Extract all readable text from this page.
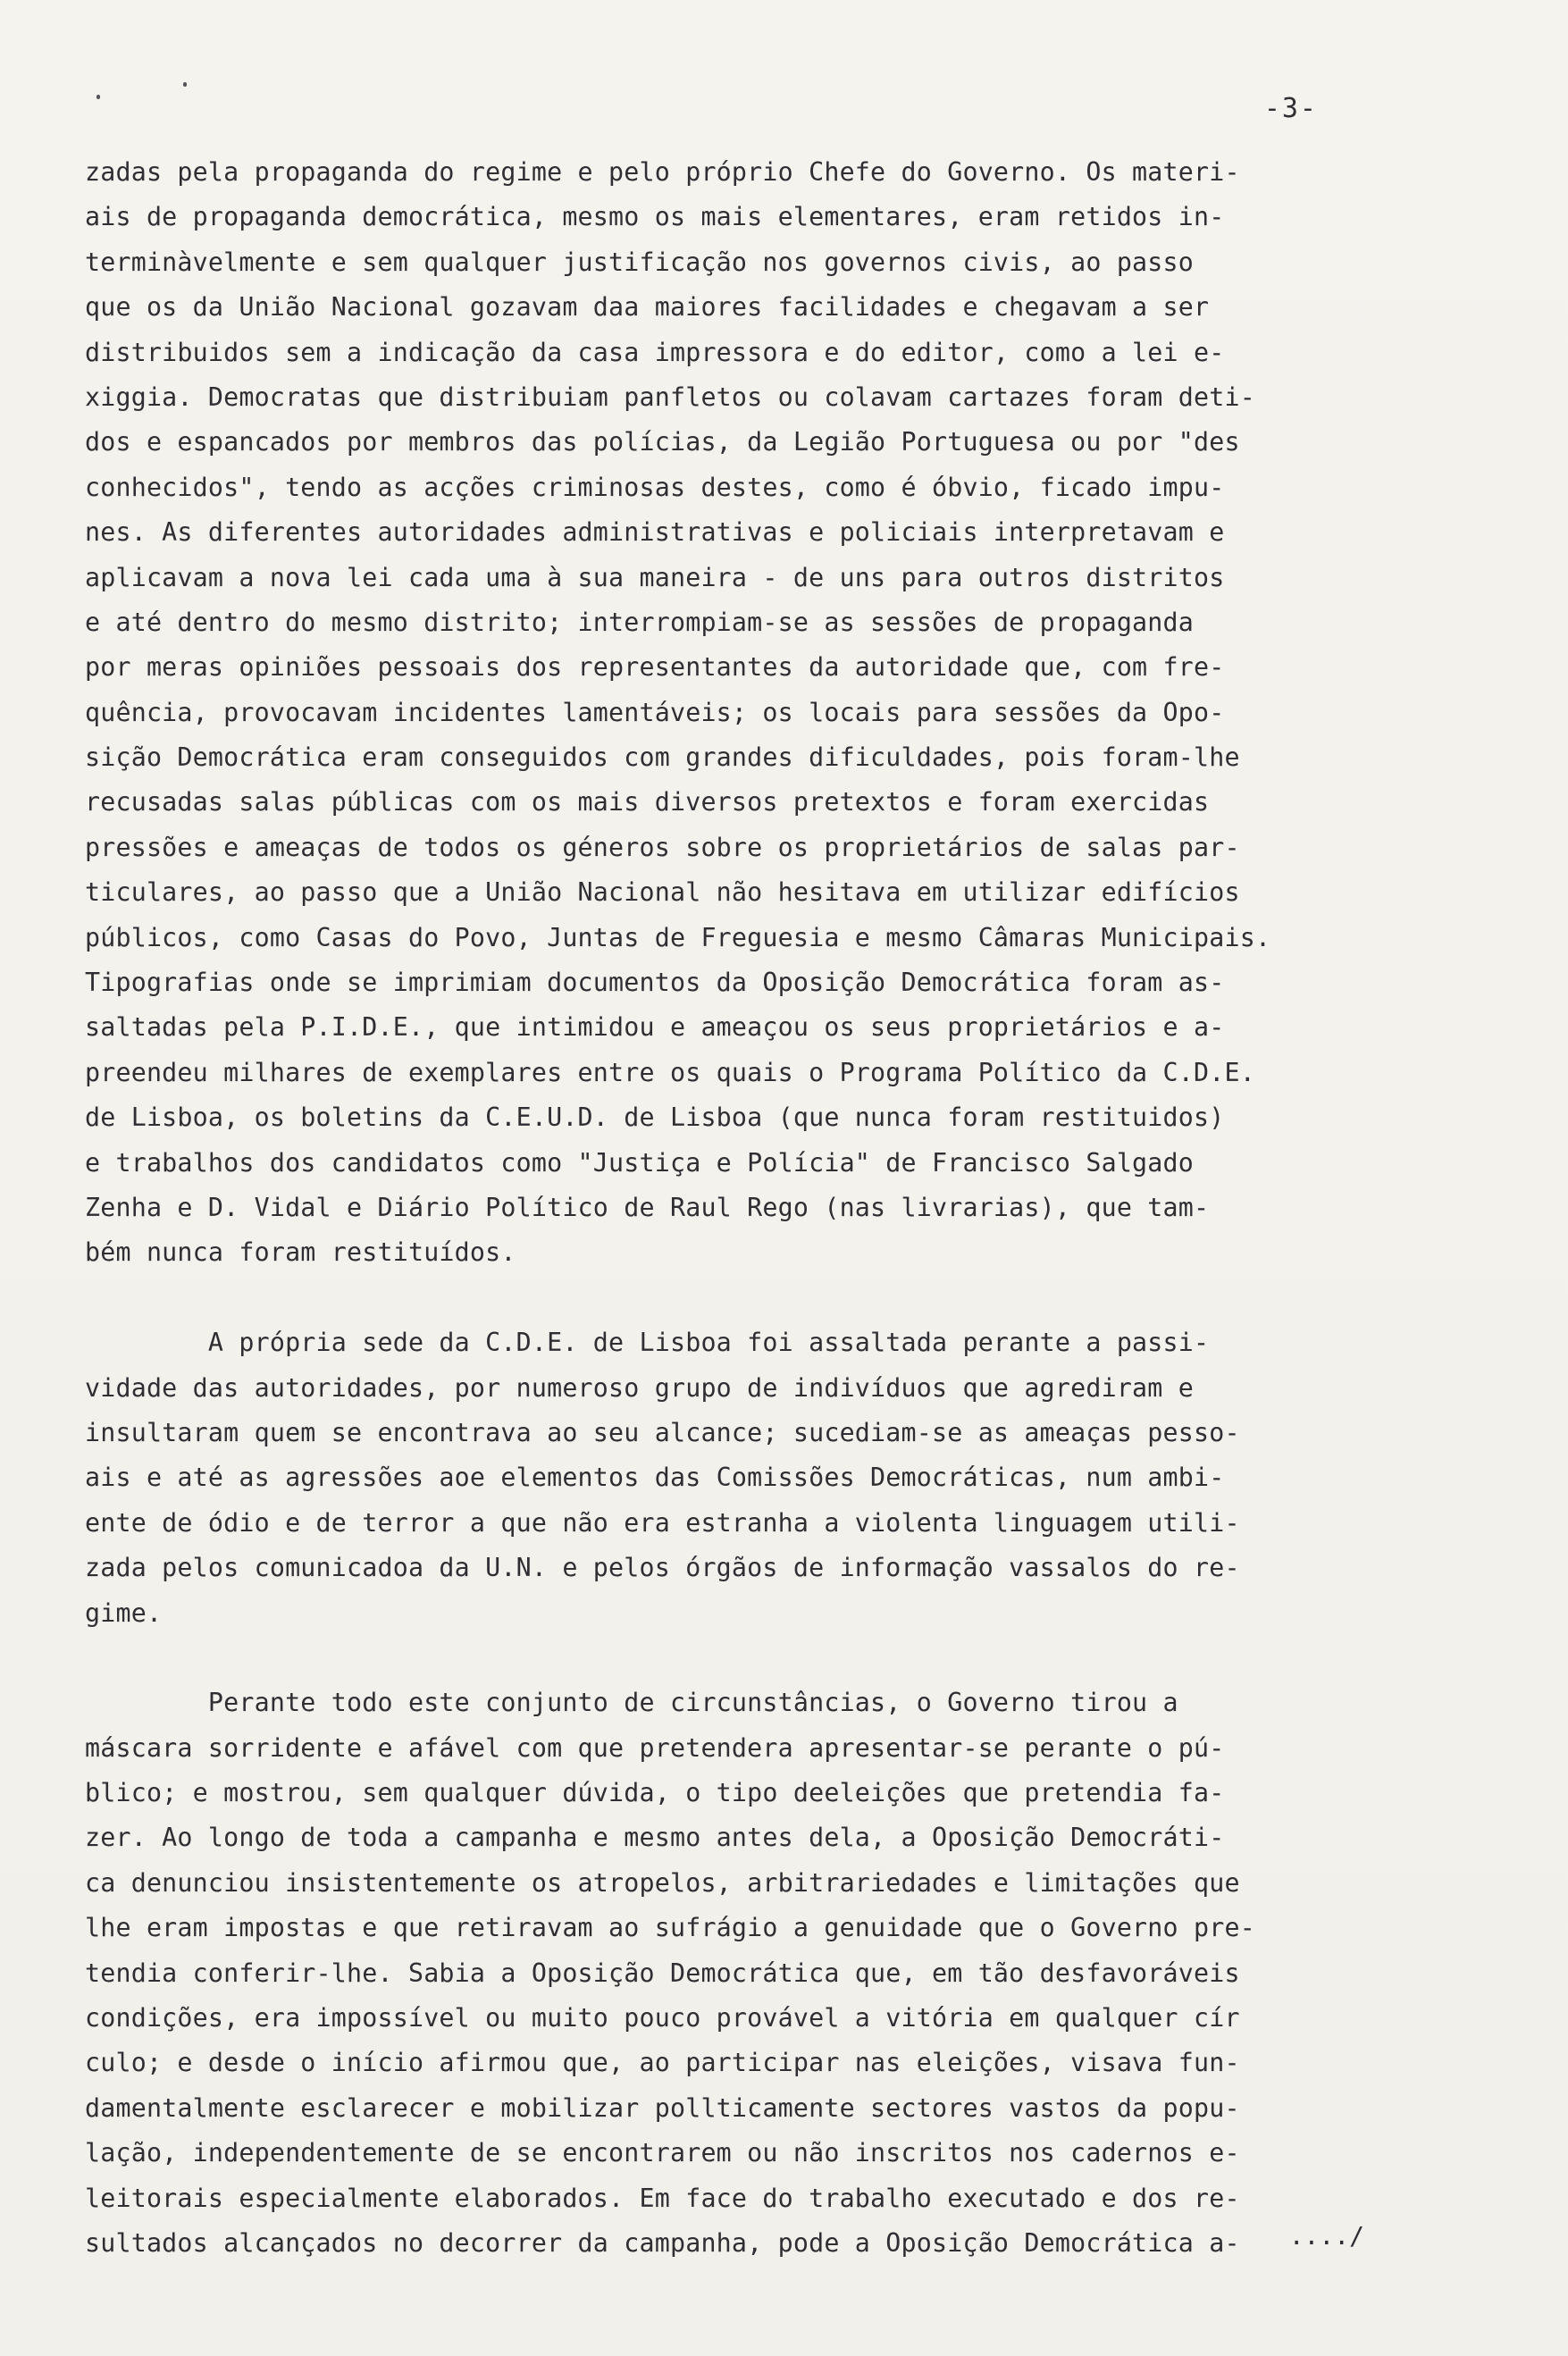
-3-
zadas pela propaganda do regime e pelo próprio Chefe do Governo. Os materi-
ais de propaganda democrática, mesmo os mais elementares, eram retidos in-
terminàvelmente e sem qualquer justificação nos governos civis, ao passo
que os da União Nacional gozavam daa maiores facilidades e chegavam a ser
distribuidos sem a indicação da casa impressora e do editor, como a lei e-
xiggia. Democratas que distribuiam panfletos ou colavam cartazes foram deti-
dos e espancados por membros das polícias, da Legião Portuguesa ou por "des
conhecidos", tendo as acções criminosas destes, como é óbvio, ficado impu-
nes. As diferentes autoridades administrativas e policiais interpretavam e
aplicavam a nova lei cada uma à sua maneira - de uns para outros distritos
e até dentro do mesmo distrito; interrompiam-se as sessões de propaganda
por meras opiniões pessoais dos representantes da autoridade que, com fre-
quência, provocavam incidentes lamentáveis; os locais para sessões da Opo-
sição Democrática eram conseguidos com grandes dificuldades, pois foram-lhe
recusadas salas públicas com os mais diversos pretextos e foram exercidas
pressões e ameaças de todos os géneros sobre os proprietários de salas par-
ticulares, ao passo que a União Nacional não hesitava em utilizar edifícios
públicos, como Casas do Povo, Juntas de Freguesia e mesmo Câmaras Municipais.
Tipografias onde se imprimiam documentos da Oposição Democrática foram as-
saltadas pela P.I.D.E., que intimidou e ameaçou os seus proprietários e a-
preendeu milhares de exemplares entre os quais o Programa Político da C.D.E.
de Lisboa, os boletins da C.E.U.D. de Lisboa (que nunca foram restituidos)
e trabalhos dos candidatos como "Justiça e Polícia" de Francisco Salgado
Zenha e D. Vidal e Diário Político de Raul Rego (nas livrarias), que tam-
bém nunca foram restituídos.
A própria sede da C.D.E. de Lisboa foi assaltada perante a passi-
vidade das autoridades, por numeroso grupo de indivíduos que agrediram e
insultaram quem se encontrava ao seu alcance; sucediam-se as ameaças pesso-
ais e até as agressões aoe elementos das Comissões Democráticas, num ambi-
ente de ódio e de terror a que não era estranha a violenta linguagem utili-
zada pelos comunicadoa da U.N. e pelos órgãos de informação vassalos do re-
gime.
Perante todo este conjunto de circunstâncias, o Governo tirou a
máscara sorridente e afável com que pretendera apresentar-se perante o pú-
blico; e mostrou, sem qualquer dúvida, o tipo deeleições que pretendia fa-
zer. Ao longo de toda a campanha e mesmo antes dela, a Oposição Democráti-
ca denunciou insistentemente os atropelos, arbitrariedades e limitações que
lhe eram impostas e que retiravam ao sufrágio a genuidade que o Governo pre-
tendia conferir-lhe. Sabia a Oposição Democrática que, em tão desfavoráveis
condições, era impossível ou muito pouco provável a vitória em qualquer cír
culo; e desde o início afirmou que, ao participar nas eleições, visava fun-
damentalmente esclarecer e mobilizar pollticamente sectores vastos da popu-
lação, independentemente de se encontrarem ou não inscritos nos cadernos e-
leitorais especialmente elaborados. Em face do trabalho executado e dos re-
sultados alcançados no decorrer da campanha, pode a Oposição Democrática a-	..../
